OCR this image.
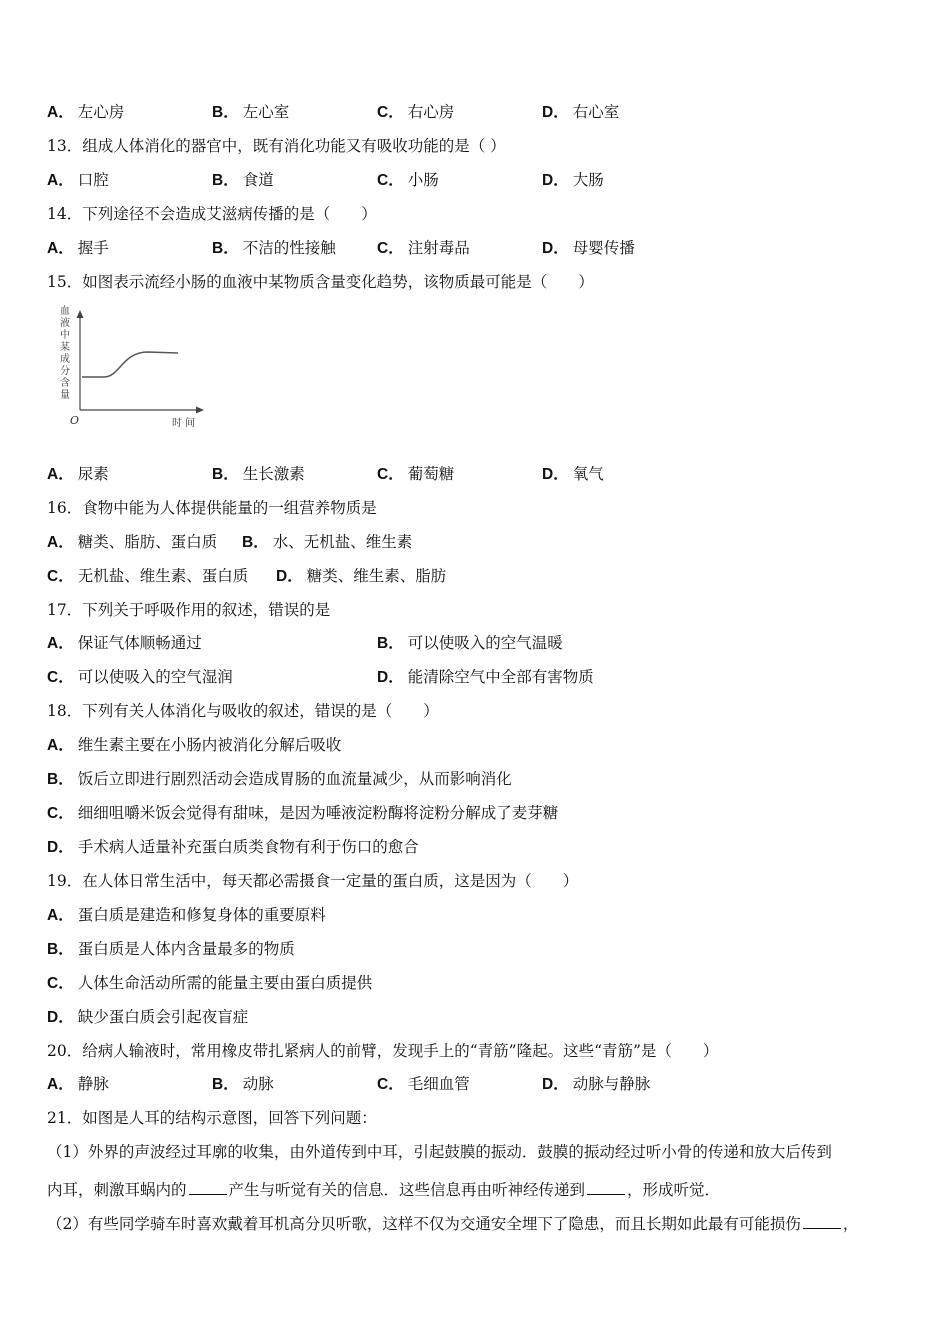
A． 左心房	B． 左心室	C． 右心房	D． 右心室
13．组成人体消化的器官中，既有消化功能又有吸收功能的是（ ）
A． 口腔	B． 食道	C． 小肠	D． 大肠
14．下列途径不会造成艾滋病传播的是（　　）
A． 握手	B． 不洁的性接触	C． 注射毒品	D． 母婴传播
15．如图表示流经小肠的血液中某物质含量变化趋势，该物质最可能是（　　）
血
液
中
某
成
分
含
量
O	时 间
A． 尿素	B． 生长激素	C． 葡萄糖	D． 氧气
16．食物中能为人体提供能量的一组营养物质是
A． 糖类、脂肪、蛋白质 B． 水、无机盐、维生素
C． 无机盐、维生素、蛋白质 D． 糖类、维生素、脂肪
17．下列关于呼吸作用的叙述，错误的是
A． 保证气体顺畅通过	B． 可以使吸入的空气温暖
C． 可以使吸入的空气湿润	D． 能清除空气中全部有害物质
18．下列有关人体消化与吸收的叙述，错误的是（　　）
A． 维生素主要在小肠内被消化分解后吸收
B． 饭后立即进行剧烈活动会造成胃肠的血流量减少，从而影响消化
C． 细细咀嚼米饭会觉得有甜味，是因为唾液淀粉酶将淀粉分解成了麦芽糖
D． 手术病人适量补充蛋白质类食物有利于伤口的愈合
19．在人体日常生活中，每天都必需摄食一定量的蛋白质，这是因为（　　）
A． 蛋白质是建造和修复身体的重要原料
B． 蛋白质是人体内含量最多的物质
C． 人体生命活动所需的能量主要由蛋白质提供
D． 缺少蛋白质会引起夜盲症
20．给病人输液时，常用橡皮带扎紧病人的前臂，发现手上的“青筋”隆起。这些“青筋”是（　　）
A． 静脉	B． 动脉	C． 毛细血管	D． 动脉与静脉
21．如图是人耳的结构示意图，回答下列问题：
（1）外界的声波经过耳廓的收集，由外道传到中耳，引起鼓膜的振动．鼓膜的振动经过听小骨的传递和放大后传到
内耳，刺激耳蜗内的	产生与听觉有关的信息．这些信息再由听神经传递到	，形成听觉．
（2）有些同学骑车时喜欢戴着耳机高分贝听歌，这样不仅为交通安全埋下了隐患，而且长期如此最有可能损伤	，
